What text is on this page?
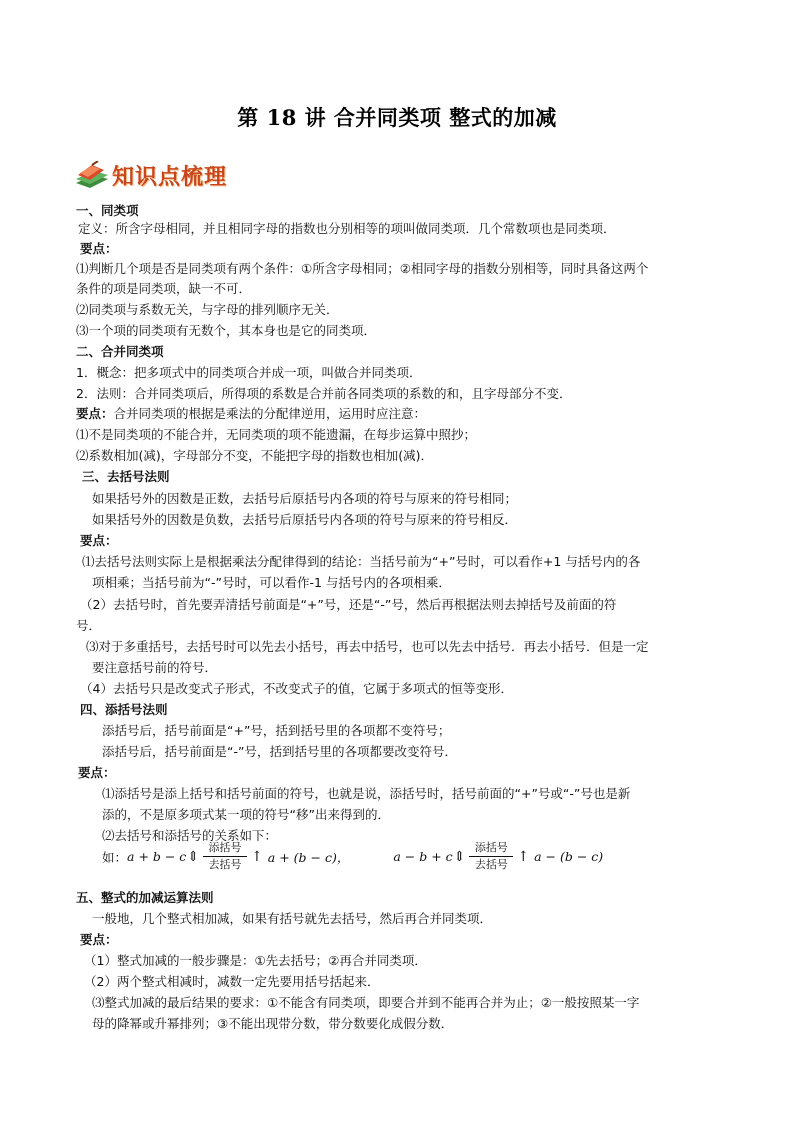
第 18 讲 合并同类项 整式的加减
知识点梳理
一、同类项
定义：所含字母相同，并且相同字母的指数也分别相等的项叫做同类项．几个常数项也是同类项．
要点：
⑴判断几个项是否是同类项有两个条件：①所含字母相同；②相同字母的指数分别相等，同时具备这两个
条件的项是同类项，缺一不可．
⑵同类项与系数无关，与字母的排列顺序无关．
⑶一个项的同类项有无数个，其本身也是它的同类项．
二、合并同类项
1．概念：把多项式中的同类项合并成一项，叫做合并同类项．
2．法则：合并同类项后，所得项的系数是合并前各同类项的系数的和，且字母部分不变．
要点：合并同类项的根据是乘法的分配律逆用，运用时应注意：
⑴不是同类项的不能合并，无同类项的项不能遗漏，在每步运算中照抄；
⑵系数相加(减)，字母部分不变，不能把字母的指数也相加(减)．
三、去括号法则
如果括号外的因数是正数，去括号后原括号内各项的符号与原来的符号相同；
如果括号外的因数是负数，去括号后原括号内各项的符号与原来的符号相反．
要点：
⑴去括号法则实际上是根据乘法分配律得到的结论：当括号前为“+”号时，可以看作+1 与括号内的各
项相乘；当括号前为“-”号时，可以看作-1 与括号内的各项相乘．
（2）去括号时，首先要弄清括号前面是“+”号，还是“-”号，然后再根据法则去掉括号及前面的符
号．
⑶对于多重括号，去括号时可以先去小括号，再去中括号，也可以先去中括号．再去小括号．但是一定
要注意括号前的符号．
（4）去括号只是改变式子形式，不改变式子的值，它属于多项式的恒等变形．
四、添括号法则
添括号后，括号前面是“+”号，括到括号里的各项都不变符号；
添括号后，括号前面是“-”号，括到括号里的各项都要改变符号．
要点：
⑴添括号是添上括号和括号前面的符号，也就是说，添括号时，括号前面的“+”号或“-”号也是新
添的，不是原多项式某一项的符号“移”出来得到的．
⑵去括号和添括号的关系如下：
五、整式的加减运算法则
一般地，几个整式相加减，如果有括号就先去括号，然后再合并同类项．
要点：
（1）整式加减的一般步骤是：①先去括号；②再合并同类项．
（2）两个整式相减时，减数一定先要用括号括起来．
⑶整式加减的最后结果的要求：①不能含有同类项，即要合并到不能再合并为止；②一般按照某一字
母的降幂或升幂排列；③不能出现带分数，带分数要化成假分数．
如： a + b − c ⇕
添括号
去括号 ↑ a + (b − c)，	a − b + c ⇕
添括号
去括号 ↑ a − (b − c)
